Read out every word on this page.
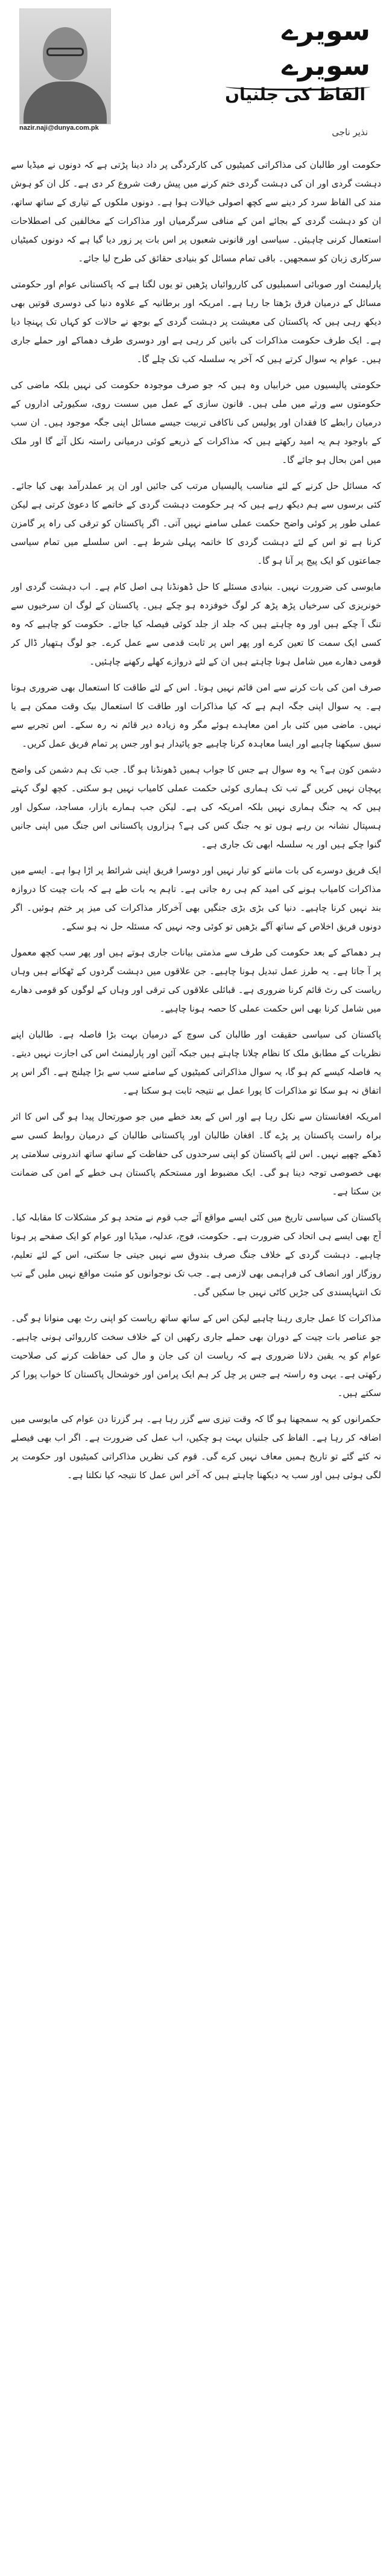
nazir.naji@dunya.com.pk
سویرے سویرے
الفاظ کی جلنیاں
نذیر ناجی

حکومت اور طالبان کی مذاکراتی کمیٹیوں کی کارکردگی پر داد دینا پڑتی ہے کہ دونوں نے میڈیا سے دہشت گردی اور ان کی دہشت گردی ختم کرنے میں پیش رفت شروع کر دی ہے۔ کل ان کو ہوش مند کی الفاظ سرد کر دینے سے کچھ اصولی خیالات ہوا ہے۔ دونوں ملکوں کے تیاری کے ساتھ ساتھ، ان کو دہشت گردی کے بجائے امن کے منافی سرگرمیاں اور مذاکرات کے مخالفین کی اصطلاحات استعمال کرنی چاہیئں۔ سیاسی اور قانونی شعبوں پر اس بات پر زور دیا گیا ہے کہ دونوں کمیٹیاں سرکاری زبان کو سمجھیں۔ باقی تمام مسائل کو بنیادی حقائق کی طرح لیا جائے۔

پارلیمنٹ اور صوبائی اسمبلیوں کی کارروائیاں پڑھیں تو یوں لگتا ہے کہ پاکستانی عوام اور حکومتی مسائل کے درمیان فرق بڑھتا جا رہا ہے۔ امریکہ اور برطانیہ کے علاوہ دنیا کی دوسری قوتیں بھی دیکھ رہی ہیں کہ پاکستان کی معیشت پر دہشت گردی کے بوجھ نے حالات کو کہاں تک پہنچا دیا ہے۔ ایک طرف حکومت مذاکرات کی باتیں کر رہی ہے اور دوسری طرف دھماکے اور حملے جاری ہیں۔ عوام یہ سوال کرتے ہیں کہ آخر یہ سلسلہ کب تک چلے گا۔

حکومتی پالیسیوں میں خرابیاں وہ ہیں کہ جو صرف موجودہ حکومت کی نہیں بلکہ ماضی کی حکومتوں سے ورثے میں ملی ہیں۔ قانون سازی کے عمل میں سست روی، سکیورٹی اداروں کے درمیان رابطے کا فقدان اور پولیس کی ناکافی تربیت جیسے مسائل اپنی جگہ موجود ہیں۔ ان سب کے باوجود ہم یہ امید رکھتے ہیں کہ مذاکرات کے ذریعے کوئی درمیانی راستہ نکل آئے گا اور ملک میں امن بحال ہو جائے گا۔

کہ مسائل حل کرنے کے لئے مناسب پالیسیاں مرتب کی جائیں اور ان پر عملدرآمد بھی کیا جائے۔ کئی برسوں سے ہم دیکھ رہے ہیں کہ ہر حکومت دہشت گردی کے خاتمے کا دعویٰ کرتی ہے لیکن عملی طور پر کوئی واضح حکمت عملی سامنے نہیں آتی۔ اگر پاکستان کو ترقی کی راہ پر گامزن کرنا ہے تو اس کے لئے دہشت گردی کا خاتمہ پہلی شرط ہے۔ اس سلسلے میں تمام سیاسی جماعتوں کو ایک پیج پر آنا ہو گا۔

مایوسی کی ضرورت نہیں۔ بنیادی مسئلے کا حل ڈھونڈنا ہی اصل کام ہے۔ اب دہشت گردی اور خونریزی کی سرخیاں پڑھ پڑھ کر لوگ خوفزدہ ہو چکے ہیں۔ پاکستان کے لوگ ان سرخیوں سے تنگ آ چکے ہیں اور وہ چاہتے ہیں کہ جلد از جلد کوئی فیصلہ کیا جائے۔ حکومت کو چاہیے کہ وہ کسی ایک سمت کا تعین کرے اور پھر اس پر ثابت قدمی سے عمل کرے۔ جو لوگ ہتھیار ڈال کر قومی دھارے میں شامل ہونا چاہتے ہیں ان کے لئے دروازے کھلے رکھنے چاہئیں۔

صرف امن کی بات کرنے سے امن قائم نہیں ہوتا۔ اس کے لئے طاقت کا استعمال بھی ضروری ہوتا ہے۔ یہ سوال اپنی جگہ اہم ہے کہ کیا مذاکرات اور طاقت کا استعمال بیک وقت ممکن ہے یا نہیں۔ ماضی میں کئی بار امن معاہدے ہوئے مگر وہ زیادہ دیر قائم نہ رہ سکے۔ اس تجربے سے سبق سیکھنا چاہیے اور ایسا معاہدہ کرنا چاہیے جو پائیدار ہو اور جس پر تمام فریق عمل کریں۔

دشمن کون ہے؟ یہ وہ سوال ہے جس کا جواب ہمیں ڈھونڈنا ہو گا۔ جب تک ہم دشمن کی واضح پہچان نہیں کریں گے تب تک ہماری کوئی حکمت عملی کامیاب نہیں ہو سکتی۔ کچھ لوگ کہتے ہیں کہ یہ جنگ ہماری نہیں بلکہ امریکہ کی ہے۔ لیکن جب ہمارے بازار، مساجد، سکول اور ہسپتال نشانہ بن رہے ہوں تو یہ جنگ کس کی ہے؟ ہزاروں پاکستانی اس جنگ میں اپنی جانیں گنوا چکے ہیں اور یہ سلسلہ ابھی تک جاری ہے۔

ایک فریق دوسرے کی بات ماننے کو تیار نہیں اور دوسرا فریق اپنی شرائط پر اڑا ہوا ہے۔ ایسے میں مذاکرات کامیاب ہونے کی امید کم ہی رہ جاتی ہے۔ تاہم یہ بات طے ہے کہ بات چیت کا دروازہ بند نہیں کرنا چاہیے۔ دنیا کی بڑی بڑی جنگیں بھی آخرکار مذاکرات کی میز پر ختم ہوئیں۔ اگر دونوں فریق اخلاص کے ساتھ آگے بڑھیں تو کوئی وجہ نہیں کہ مسئلہ حل نہ ہو سکے۔

ہر دھماکے کے بعد حکومت کی طرف سے مذمتی بیانات جاری ہوتے ہیں اور پھر سب کچھ معمول پر آ جاتا ہے۔ یہ طرز عمل تبدیل ہونا چاہیے۔ جن علاقوں میں دہشت گردوں کے ٹھکانے ہیں وہاں ریاست کی رٹ قائم کرنا ضروری ہے۔ قبائلی علاقوں کی ترقی اور وہاں کے لوگوں کو قومی دھارے میں شامل کرنا بھی اس حکمت عملی کا حصہ ہونا چاہیے۔

پاکستان کی سیاسی حقیقت اور طالبان کی سوچ کے درمیان بہت بڑا فاصلہ ہے۔ طالبان اپنے نظریات کے مطابق ملک کا نظام چلانا چاہتے ہیں جبکہ آئین اور پارلیمنٹ اس کی اجازت نہیں دیتے۔ یہ فاصلہ کیسے کم ہو گا، یہ سوال مذاکراتی کمیٹیوں کے سامنے سب سے بڑا چیلنج ہے۔ اگر اس پر اتفاق نہ ہو سکا تو مذاکرات کا پورا عمل بے نتیجہ ثابت ہو سکتا ہے۔

امریکہ افغانستان سے نکل رہا ہے اور اس کے بعد خطے میں جو صورتحال پیدا ہو گی اس کا اثر براہ راست پاکستان پر پڑے گا۔ افغان طالبان اور پاکستانی طالبان کے درمیان روابط کسی سے ڈھکے چھپے نہیں۔ اس لئے پاکستان کو اپنی سرحدوں کی حفاظت کے ساتھ ساتھ اندرونی سلامتی پر بھی خصوصی توجہ دینا ہو گی۔ ایک مضبوط اور مستحکم پاکستان ہی خطے کے امن کی ضمانت بن سکتا ہے۔

پاکستان کی سیاسی تاریخ میں کئی ایسے مواقع آئے جب قوم نے متحد ہو کر مشکلات کا مقابلہ کیا۔ آج بھی ایسے ہی اتحاد کی ضرورت ہے۔ حکومت، فوج، عدلیہ، میڈیا اور عوام کو ایک صفحے پر ہونا چاہیے۔ دہشت گردی کے خلاف جنگ صرف بندوق سے نہیں جیتی جا سکتی، اس کے لئے تعلیم، روزگار اور انصاف کی فراہمی بھی لازمی ہے۔ جب تک نوجوانوں کو مثبت مواقع نہیں ملیں گے تب تک انتہاپسندی کی جڑیں کاٹی نہیں جا سکیں گی۔

مذاکرات کا عمل جاری رہنا چاہیے لیکن اس کے ساتھ ساتھ ریاست کو اپنی رٹ بھی منوانا ہو گی۔ جو عناصر بات چیت کے دوران بھی حملے جاری رکھیں ان کے خلاف سخت کارروائی ہونی چاہیے۔ عوام کو یہ یقین دلانا ضروری ہے کہ ریاست ان کی جان و مال کی حفاظت کرنے کی صلاحیت رکھتی ہے۔ یہی وہ راستہ ہے جس پر چل کر ہم ایک پرامن اور خوشحال پاکستان کا خواب پورا کر سکتے ہیں۔

حکمرانوں کو یہ سمجھنا ہو گا کہ وقت تیزی سے گزر رہا ہے۔ ہر گزرتا دن عوام کی مایوسی میں اضافہ کر رہا ہے۔ الفاظ کی جلنیاں بہت ہو چکیں، اب عمل کی ضرورت ہے۔ اگر اب بھی فیصلے نہ کئے گئے تو تاریخ ہمیں معاف نہیں کرے گی۔ قوم کی نظریں مذاکراتی کمیٹیوں اور حکومت پر لگی ہوئی ہیں اور سب یہ دیکھنا چاہتے ہیں کہ آخر اس عمل کا نتیجہ کیا نکلتا ہے۔
